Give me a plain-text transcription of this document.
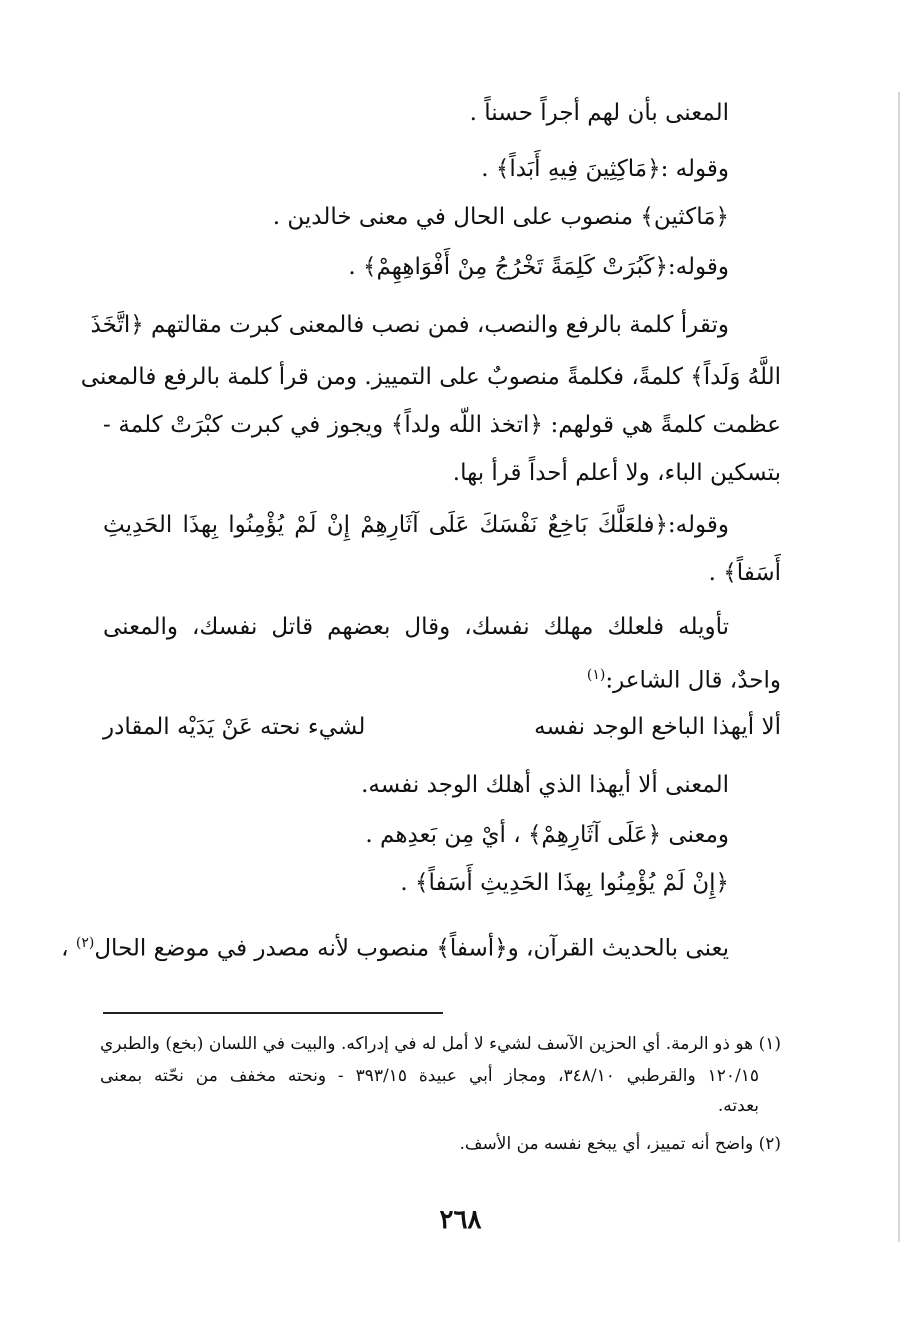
المعنى بأن لهم أجراً حسناً .
وقوله :﴿مَاكِثِينَ فِيهِ أَبَداً﴾ .
﴿مَاكثين﴾ منصوب على الحال في معنى خالدين .
وقوله:﴿كَبُرَتْ كَلِمَةً تَخْرُجُ مِنْ أَفْوَاهِهِمْ﴾ .
وتقرأ كلمة بالرفع والنصب، فمن نصب فالمعنى كبرت مقالتهم ﴿اتَّخَذَ
اللَّهُ وَلَداً﴾ كلمةً، فكلمةً منصوبٌ على التمييز. ومن قرأ كلمة بالرفع فالمعنى
عظمت كلمةً هي قولهم: ﴿اتخذ اللّه ولداً﴾ ويجوز في كبرت كبْرَتْ كلمة -
بتسكين الباء، ولا أعلم أحداً قرأ بها.
وقوله:﴿فلعَلَّكَ بَاخِعٌ نَفْسَكَ عَلَى آثَارِهِمْ إِنْ لَمْ يُؤْمِنُوا بِهذَا الحَدِيثِ
أَسَفاً﴾ .
تأويله فلعلك مهلك نفسك، وقال بعضهم قاتل نفسك، والمعنى
واحدٌ، قال الشاعر:$^{(١)}$
ألا أيهذا الباخع الوجد نفسه
لشيء نحته عَنْ يَدَيْه المقادر
المعنى ألا أيهذا الذي أهلك الوجد نفسه.
ومعنى ﴿عَلَى آثَارِهِمْ﴾ ، أيْ مِن بَعدِهم .
﴿إِنْ لَمْ يُؤْمِنُوا بِهذَا الحَدِيثِ أَسَفاً﴾ .
يعنى بالحديث القرآن، و﴿أسفاً﴾ منصوب لأنه مصدر في موضع الحال$^{(٢)}$ ،
(١) هو ذو الرمة. أي الحزين الآسف لشيء لا أمل له في إدراكه. والبيت في اللسان (بخع) والطبري
١٢٠/١٥ والقرطبي ٣٤٨/١٠، ومجاز أبي عبيدة ٣٩٣/١٥ - ونحته مخفف من نحّته بمعنى
بعدته.
(٢) واضح أنه تمييز، أي يبخع نفسه من الأسف.
٢٦٨
